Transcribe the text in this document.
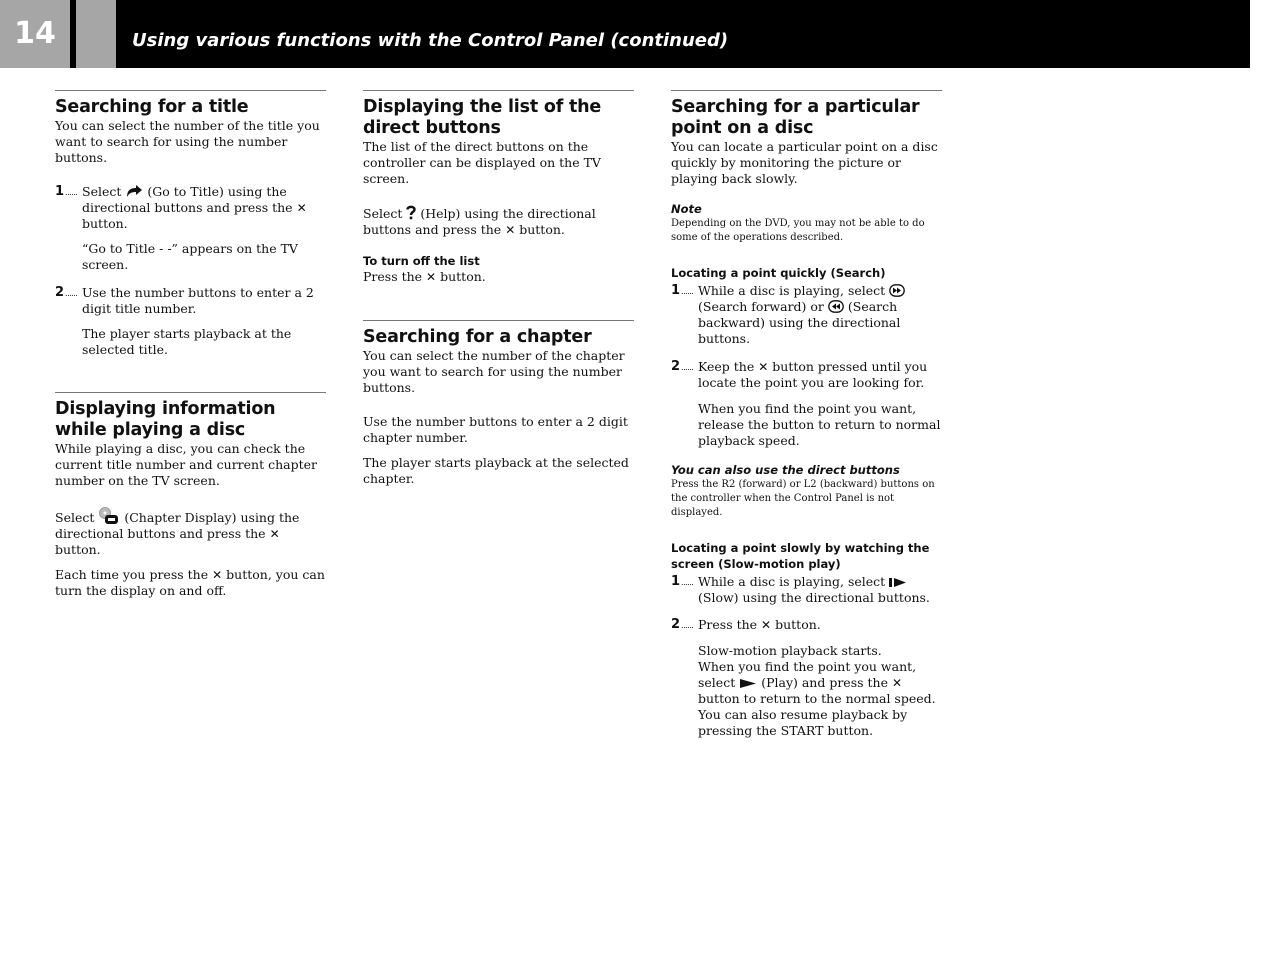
14	Using various functions with the Control Panel (continued)
Searching for a title

You can select the number of the title you want to search for using the number buttons.

1 ......	Select (Go to Title) using the directional buttons and press the ✕ button.

“Go to Title - -” appears on the TV screen.

2 ......	Use the number buttons to enter a 2 digit title number.

The player starts playback at the selected title.

Displaying information while playing a disc

While playing a disc, you can check the current title number and current chapter number on the TV screen.

Select (Chapter Display) using the directional buttons and press the ✕ button.

Each time you press the ✕ button, you can turn the display on and off.

Displaying the list of the direct buttons

The list of the direct buttons on the controller can be displayed on the TV screen.

Select (Help) using the directional buttons and press the ✕ button.

To turn off the list

Press the ✕ button.

Searching for a chapter

You can select the number of the chapter you want to search for using the number buttons.

Use the number buttons to enter a 2 digit chapter number.

The player starts playback at the selected chapter.

Searching for a particular point on a disc

You can locate a particular point on a disc quickly by monitoring the picture or playing back slowly.

Note

Depending on the DVD, you may not be able to do some of the operations described.

Locating a point quickly (Search)
1 ......	While a disc is playing, select  (Search forward) or (Search backward) using the directional buttons.
2 ......	Keep the ✕ button pressed until you locate the point you are looking for.

When you find the point you want, release the button to return to normal playback speed.

You can also use the direct buttons

Press the R2 (forward) or L2 (backward) buttons on the controller when the Control Panel is not displayed.

Locating a point slowly by watching the screen (Slow-motion play)
1 ......	While a disc is playing, select  (Slow) using the directional buttons.
2 ......	Press the ✕ button.

Slow-motion playback starts.

When you find the point you want, select (Play) and press the ✕ button to return to the normal speed.

You can also resume playback by pressing the START button.
